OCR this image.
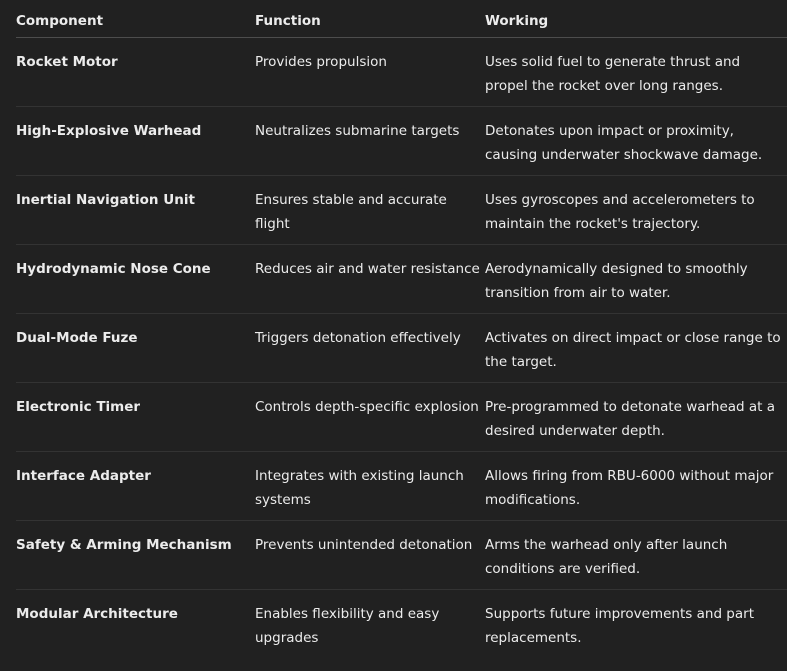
Component	Function	Working
Rocket Motor	Provides propulsion	Uses solid fuel to generate thrust and propel the rocket over long ranges.
High-Explosive Warhead	Neutralizes submarine targets	Detonates upon impact or proximity, causing underwater shockwave damage.
Inertial Navigation Unit	Ensures stable and accurate flight	Uses gyroscopes and accelerometers to maintain the rocket's trajectory.
Hydrodynamic Nose Cone	Reduces air and water resistance	Aerodynamically designed to smoothly transition from air to water.
Dual-Mode Fuze	Triggers detonation effectively	Activates on direct impact or close range to the target.
Electronic Timer	Controls depth-specific explosion	Pre-programmed to detonate warhead at a desired underwater depth.
Interface Adapter	Integrates with existing launch systems	Allows firing from RBU-6000 without major modifications.
Safety & Arming Mechanism	Prevents unintended detonation	Arms the warhead only after launch conditions are verified.
Modular Architecture	Enables flexibility and easy upgrades	Supports future improvements and part replacements.
